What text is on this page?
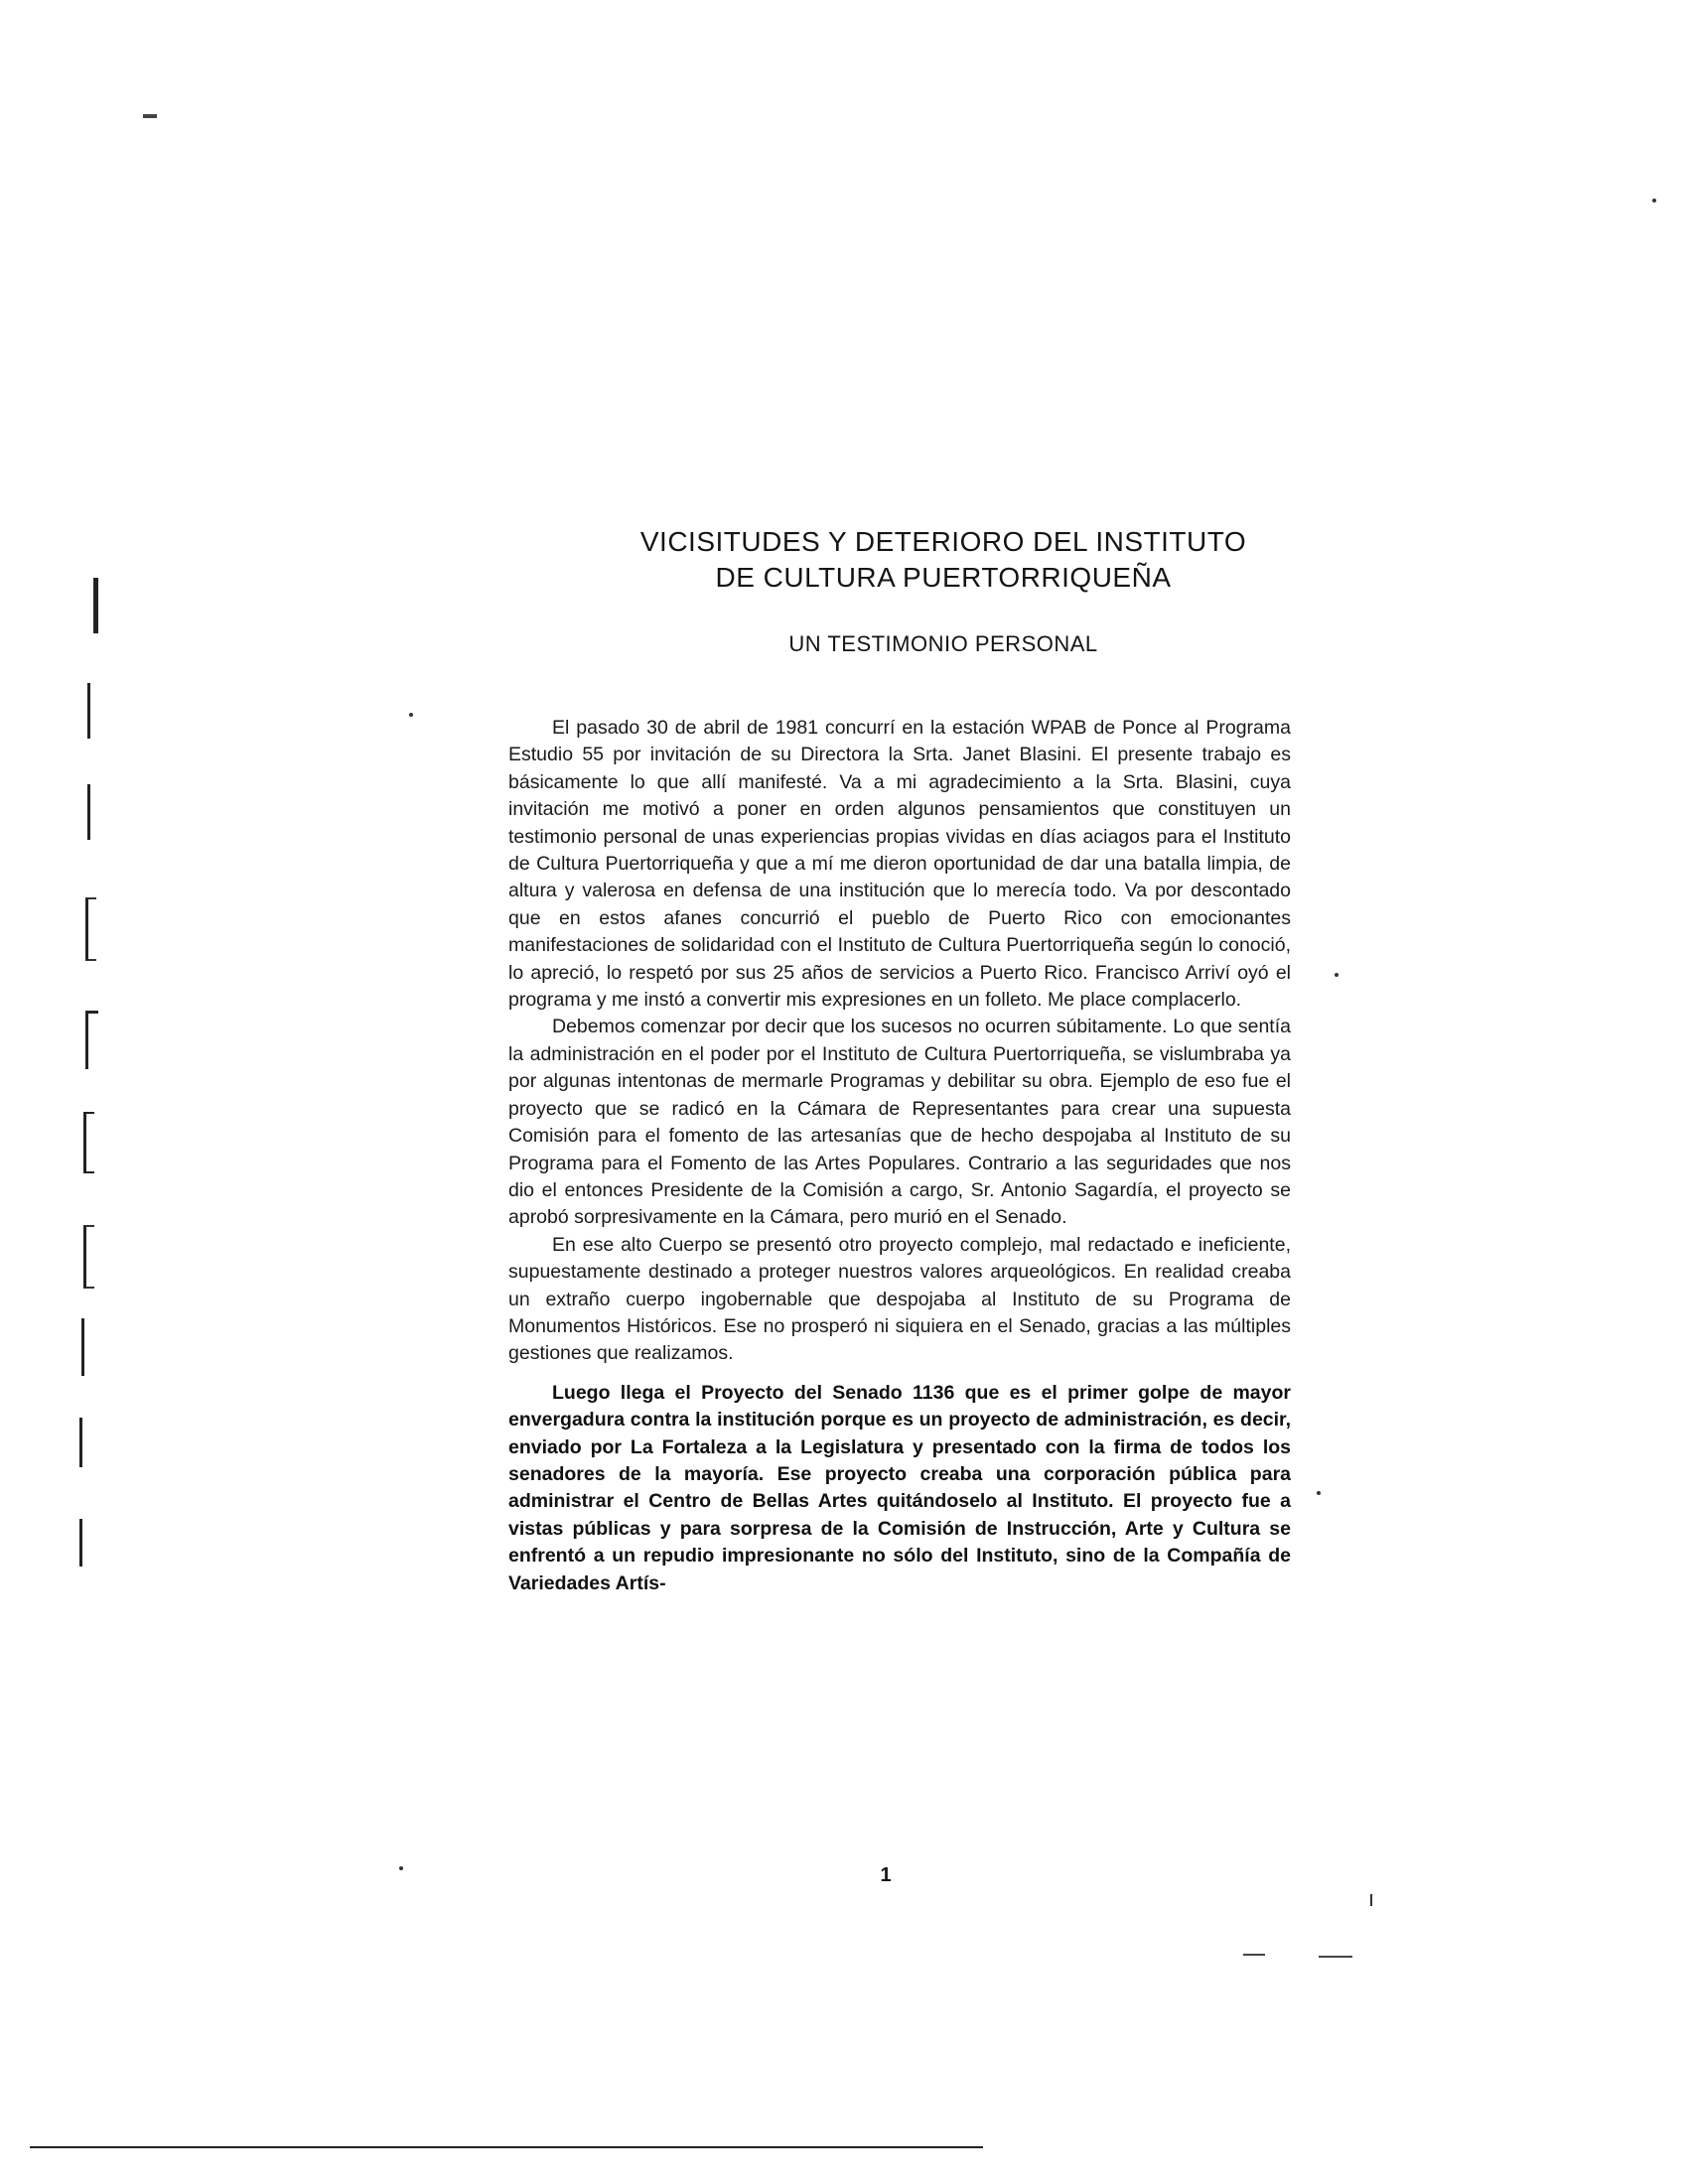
VICISITUDES Y DETERIORO DEL INSTITUTO
DE CULTURA PUERTORRIQUEÑA
UN TESTIMONIO PERSONAL

El pasado 30 de abril de 1981 concurrí en la estación WPAB de Ponce al Programa Estudio 55 por invitación de su Directora la Srta. Janet Blasini. El presente trabajo es básicamente lo que allí manifesté. Va a mi agradecimiento a la Srta. Blasini, cuya invitación me motivó a poner en orden algunos pensamientos que constituyen un testimonio personal de unas experiencias propias vividas en días aciagos para el Instituto de Cultura Puertorriqueña y que a mí me dieron oportunidad de dar una batalla limpia, de altura y valerosa en defensa de una institución que lo merecía todo. Va por descontado que en estos afanes concurrió el pueblo de Puerto Rico con emocionantes manifestaciones de solidaridad con el Instituto de Cultura Puertorriqueña según lo conoció, lo apreció, lo respetó por sus 25 años de servicios a Puerto Rico. Francisco Arriví oyó el programa y me instó a convertir mis expresiones en un folleto. Me place complacerlo.

Debemos comenzar por decir que los sucesos no ocurren súbitamente. Lo que sentía la administración en el poder por el Instituto de Cultura Puertorriqueña, se vislumbraba ya por algunas intentonas de mermarle Programas y debilitar su obra. Ejemplo de eso fue el proyecto que se radicó en la Cámara de Representantes para crear una supuesta Comisión para el fomento de las artesanías que de hecho despojaba al Instituto de su Programa para el Fomento de las Artes Populares. Contrario a las seguridades que nos dio el entonces Presidente de la Comisión a cargo, Sr. Antonio Sagardía, el proyecto se aprobó sorpresivamente en la Cámara, pero murió en el Senado.

En ese alto Cuerpo se presentó otro proyecto complejo, mal redactado e ineficiente, supuestamente destinado a proteger nuestros valores arqueológicos. En realidad creaba un extraño cuerpo ingobernable que despojaba al Instituto de su Programa de Monumentos Históricos. Ese no prosperó ni siquiera en el Senado, gracias a las múltiples gestiones que realizamos.

Luego llega el Proyecto del Senado 1136 que es el primer golpe de mayor envergadura contra la institución porque es un proyecto de administración, es decir, enviado por La Fortaleza a la Legislatura y presentado con la firma de todos los senadores de la mayoría. Ese proyecto creaba una corporación pública para administrar el Centro de Bellas Artes quitándoselo al Instituto. El proyecto fue a vistas públicas y para sorpresa de la Comisión de Instrucción, Arte y Cultura se enfrentó a un repudio impresionante no sólo del Instituto, sino de la Compañía de Variedades Artís-

1
